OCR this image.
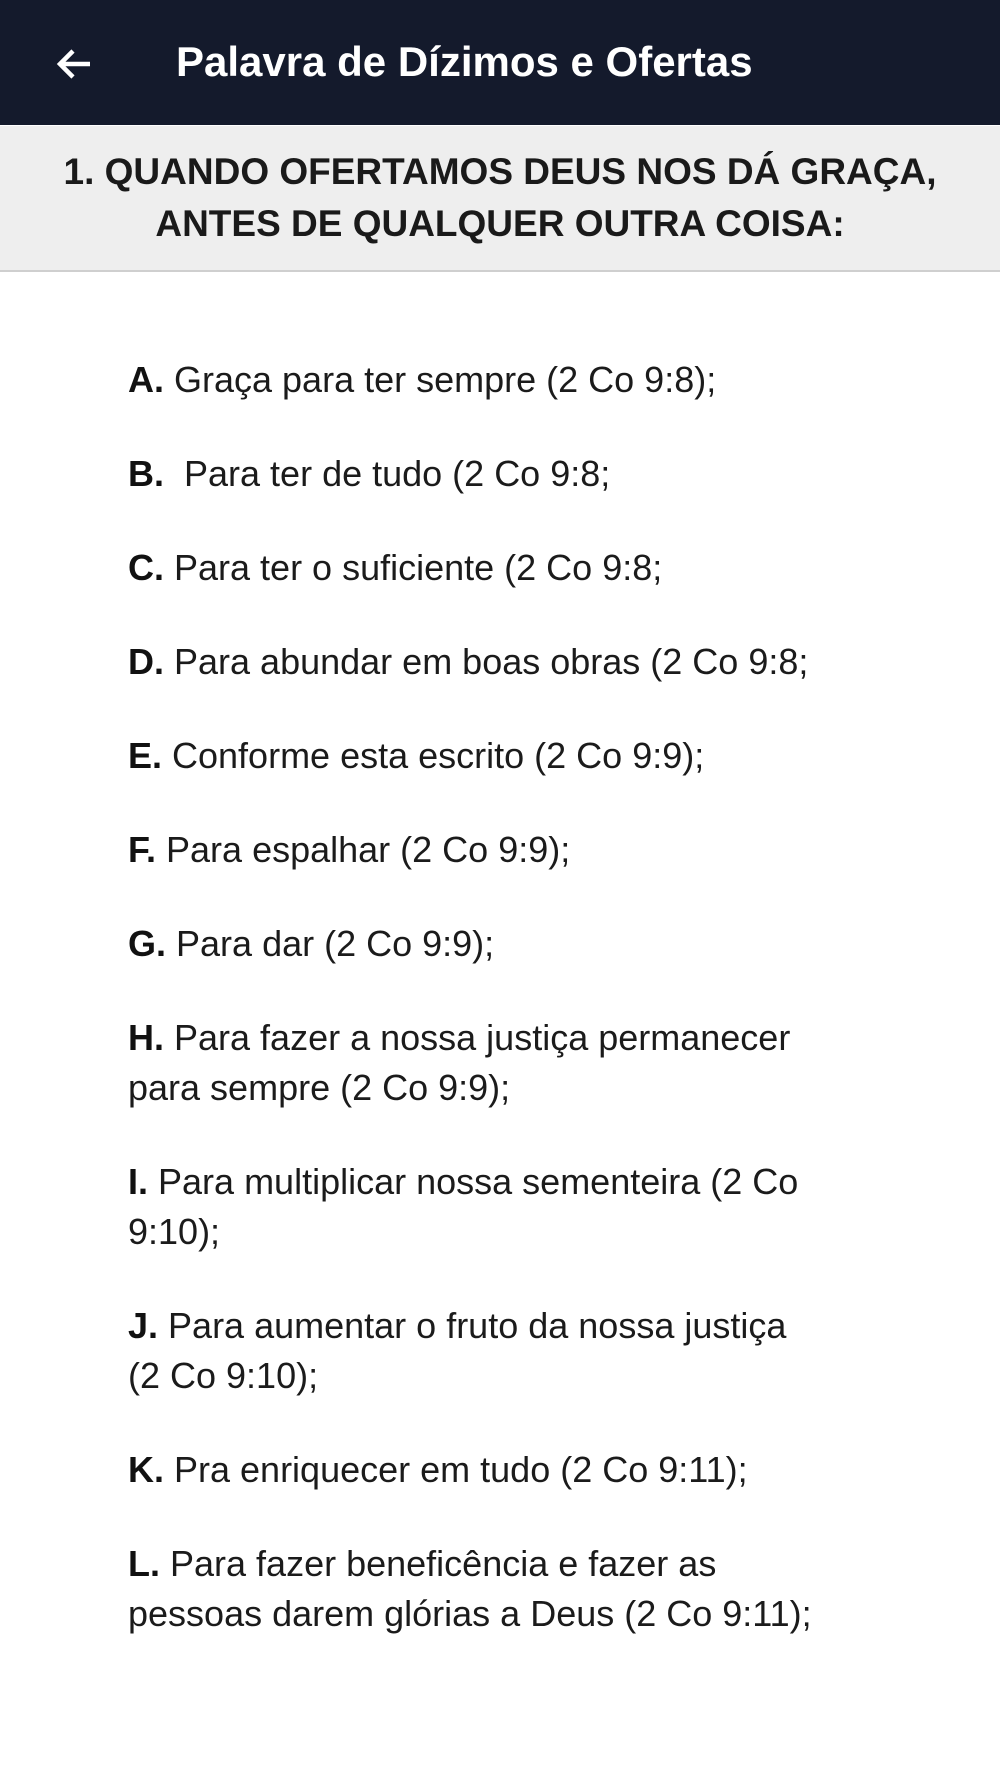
Palavra de Dízimos e Ofertas
1. QUANDO OFERTAMOS DEUS NOS DÁ GRAÇA, ANTES DE QUALQUER OUTRA COISA:
A. Graça para ter sempre (2 Co 9:8);
B.  Para ter de tudo (2 Co 9:8;
C. Para ter o suficiente (2 Co 9:8;
D. Para abundar em boas obras (2 Co 9:8;
E. Conforme esta escrito (2 Co 9:9);
F. Para espalhar (2 Co 9:9);
G. Para dar (2 Co 9:9);
H. Para fazer a nossa justiça permanecer para sempre (2 Co 9:9);
I. Para multiplicar nossa sementeira (2 Co 9:10);
J. Para aumentar o fruto da nossa justiça (2 Co 9:10);
K. Pra enriquecer em tudo (2 Co 9:11);
L. Para fazer beneficência e fazer as pessoas darem glórias a Deus (2 Co 9:11);
